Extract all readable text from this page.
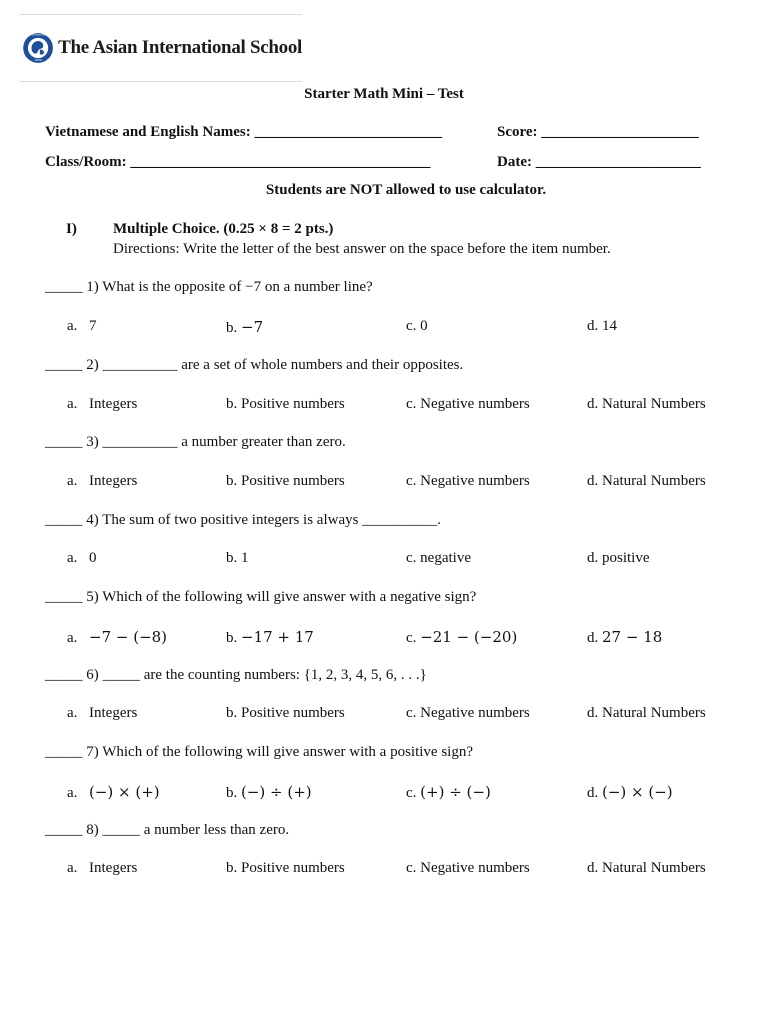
1990
THE ASIAN INTERNATIONAL SCHOOL
The Asian International School
Starter Math Mini – Test
Vietnamese and English Names: _________________________	Score: _____________________
Class/Room: ________________________________________	Date: ______________________
Students are NOT allowed to use calculator.
I) Multiple Choice. (0.25 × 8 = 2 pts.)
Directions: Write the letter of the best answer on the space before the item number.
_____ 1) What is the opposite of −7 on a number line?
a. 7	b. −7	c. 0	d. 14
_____ 2) __________ are a set of whole numbers and their opposites.
a. Integers	b. Positive numbers	c. Negative numbers	d. Natural Numbers
_____ 3) __________ a number greater than zero.
a. Integers	b. Positive numbers	c. Negative numbers	d. Natural Numbers
_____ 4) The sum of two positive integers is always __________.
a. 0	b. 1	c. negative	d. positive
_____ 5) Which of the following will give answer with a negative sign?
a. −7 − (−8)	b. −17 + 17	c. −21 − (−20)	d. 27 − 18
_____ 6) _____ are the counting numbers: {1, 2, 3, 4, 5, 6, . . .}
a. Integers	b. Positive numbers	c. Negative numbers	d. Natural Numbers
_____ 7) Which of the following will give answer with a positive sign?
a. (−) × (+)	b. (−) ÷ (+)	c. (+) ÷ (−)	d. (−) × (−)
_____ 8) _____ a number less than zero.
a. Integers	b. Positive numbers	c. Negative numbers	d. Natural Numbers
